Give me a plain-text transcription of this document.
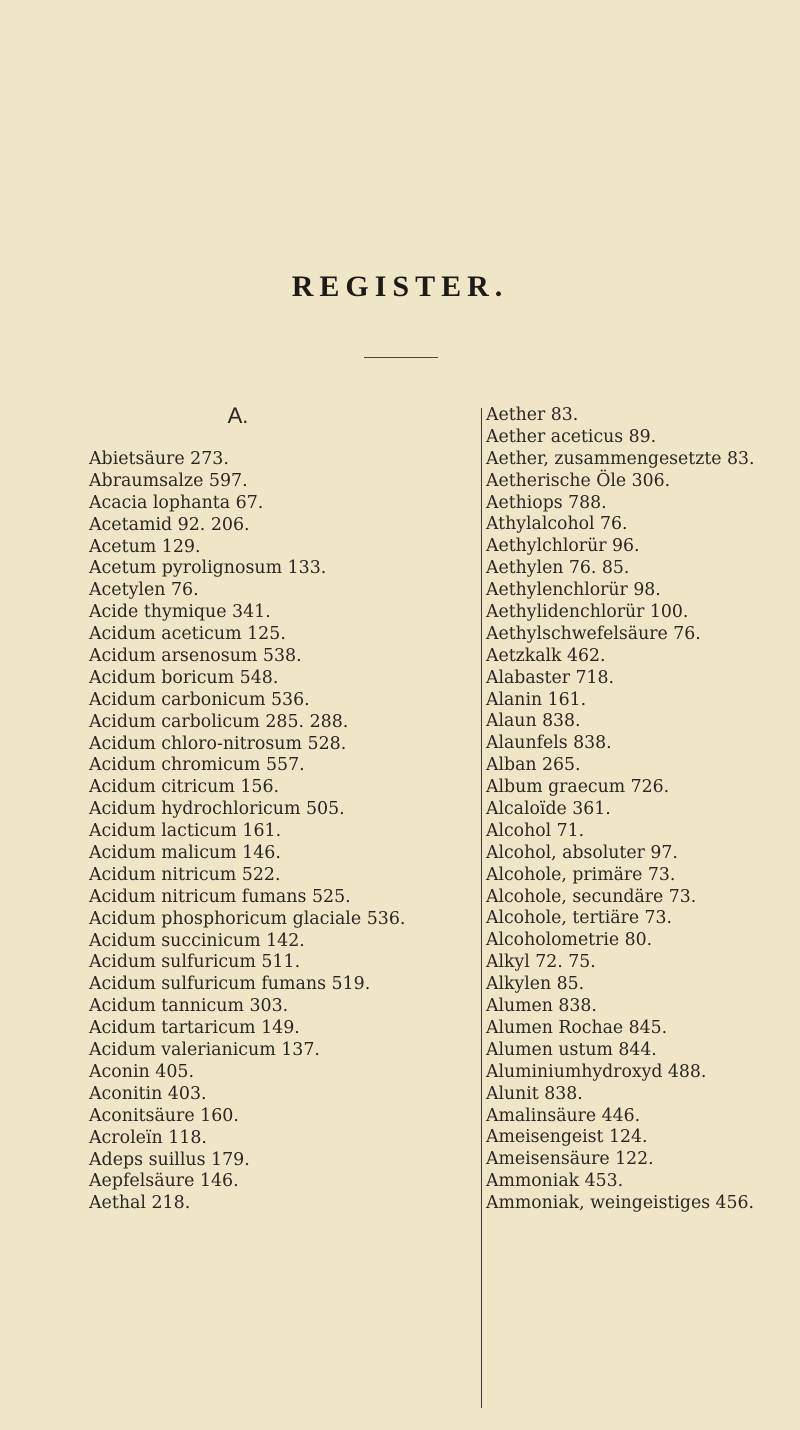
REGISTER.
A.
Abietsäure 273.
Abraumsalze 597.
Acacia lophanta 67.
Acetamid 92. 206.
Acetum 129.
Acetum pyrolignosum 133.
Acetylen 76.
Acide thymique 341.
Acidum aceticum 125.
Acidum arsenosum 538.
Acidum boricum 548.
Acidum carbonicum 536.
Acidum carbolicum 285. 288.
Acidum chloro-nitrosum 528.
Acidum chromicum 557.
Acidum citricum 156.
Acidum hydrochloricum 505.
Acidum lacticum 161.
Acidum malicum 146.
Acidum nitricum 522.
Acidum nitricum fumans 525.
Acidum phosphoricum glaciale 536.
Acidum succinicum 142.
Acidum sulfuricum 511.
Acidum sulfuricum fumans 519.
Acidum tannicum 303.
Acidum tartaricum 149.
Acidum valerianicum 137.
Aconin 405.
Aconitin 403.
Aconitsäure 160.
Acroleïn 118.
Adeps suillus 179.
Aepfelsäure 146.
Aethal 218.
Aether 83.
Aether aceticus 89.
Aether, zusammengesetzte 83.
Aetherische Öle 306.
Aethiops 788.
Athylalcohol 76.
Aethylchlorür 96.
Aethylen 76. 85.
Aethylenchlorür 98.
Aethylidenchlorür 100.
Aethylschwefelsäure 76.
Aetzkalk 462.
Alabaster 718.
Alanin 161.
Alaun 838.
Alaunfels 838.
Alban 265.
Album graecum 726.
Alcaloïde 361.
Alcohol 71.
Alcohol, absoluter 97.
Alcohole, primäre 73.
Alcohole, secundäre 73.
Alcohole, tertiäre 73.
Alcoholometrie 80.
Alkyl 72. 75.
Alkylen 85.
Alumen 838.
Alumen Rochae 845.
Alumen ustum 844.
Aluminiumhydroxyd 488.
Alunit 838.
Amalinsäure 446.
Ameisengeist 124.
Ameisensäure 122.
Ammoniak 453.
Ammoniak, weingeistiges 456.
